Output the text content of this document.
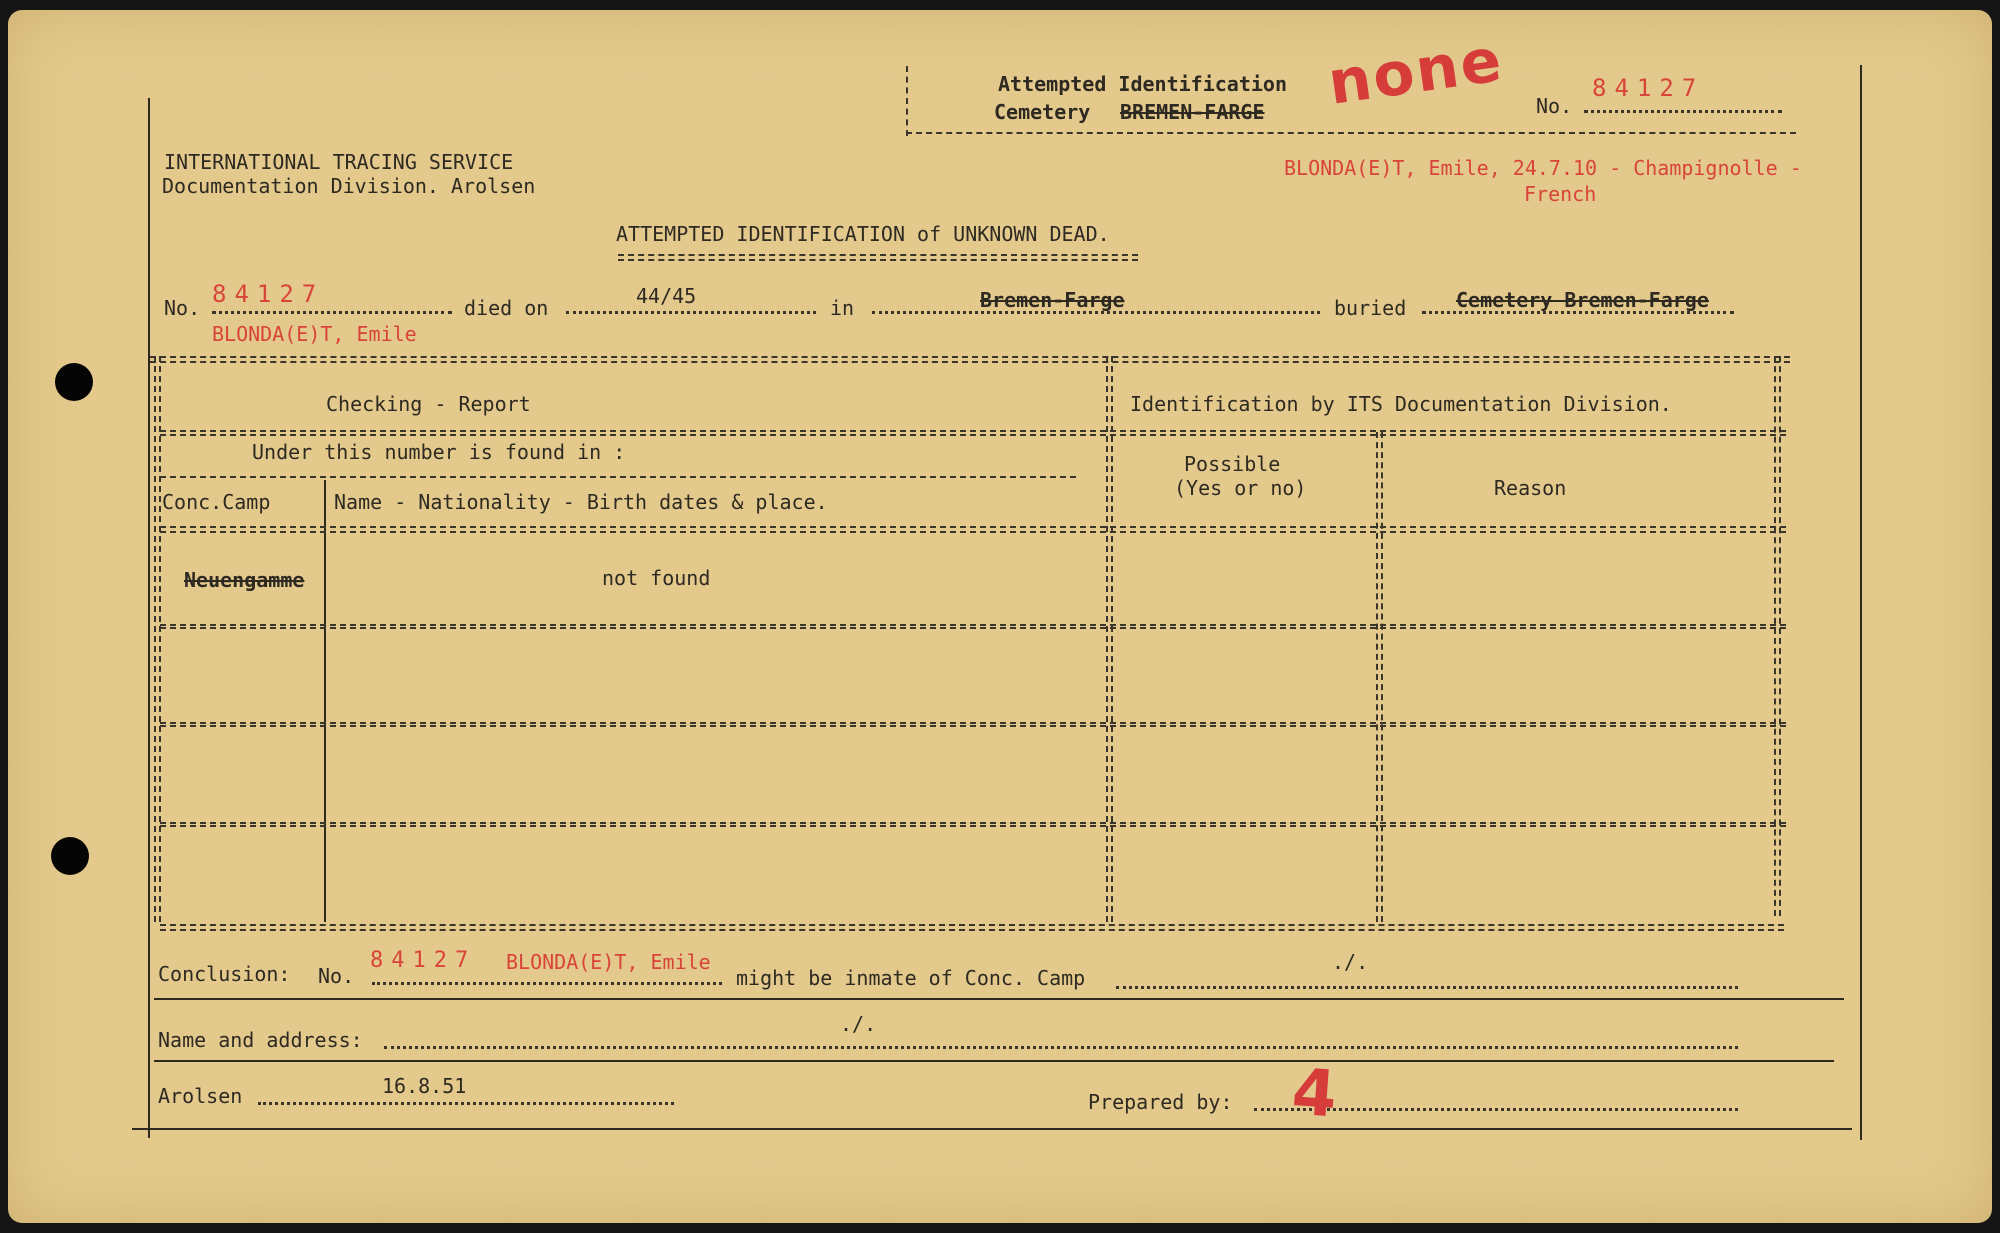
Attempted Identification
Cemetery BREMEN-FARGE none No.
84127
INTERNATIONAL TRACING SERVICE
Documentation Division. Arolsen
BLONDA(E)T, Emile, 24.7.10 - Champignolle -
French
ATTEMPTED IDENTIFICATION of UNKNOWN DEAD.
No. 84127
BLONDA(E)T, Emile
died on	44/45	in	Bremen-Farge	buried Cemetery Bremen-Farge
Checking - Report	Identification by ITS Documentation Division.
Under this number is found in :
Conc.Camp	Name - Nationality - Birth dates & place.
Possible
(Yes or no)	Reason
Neuengamme	not found
Conclusion: No.
84127 BLONDA(E)T, Emile
might be inmate of Conc. Camp
./.
Name and address:
./.
Arolsen	16.8.51
Prepared by: 4
